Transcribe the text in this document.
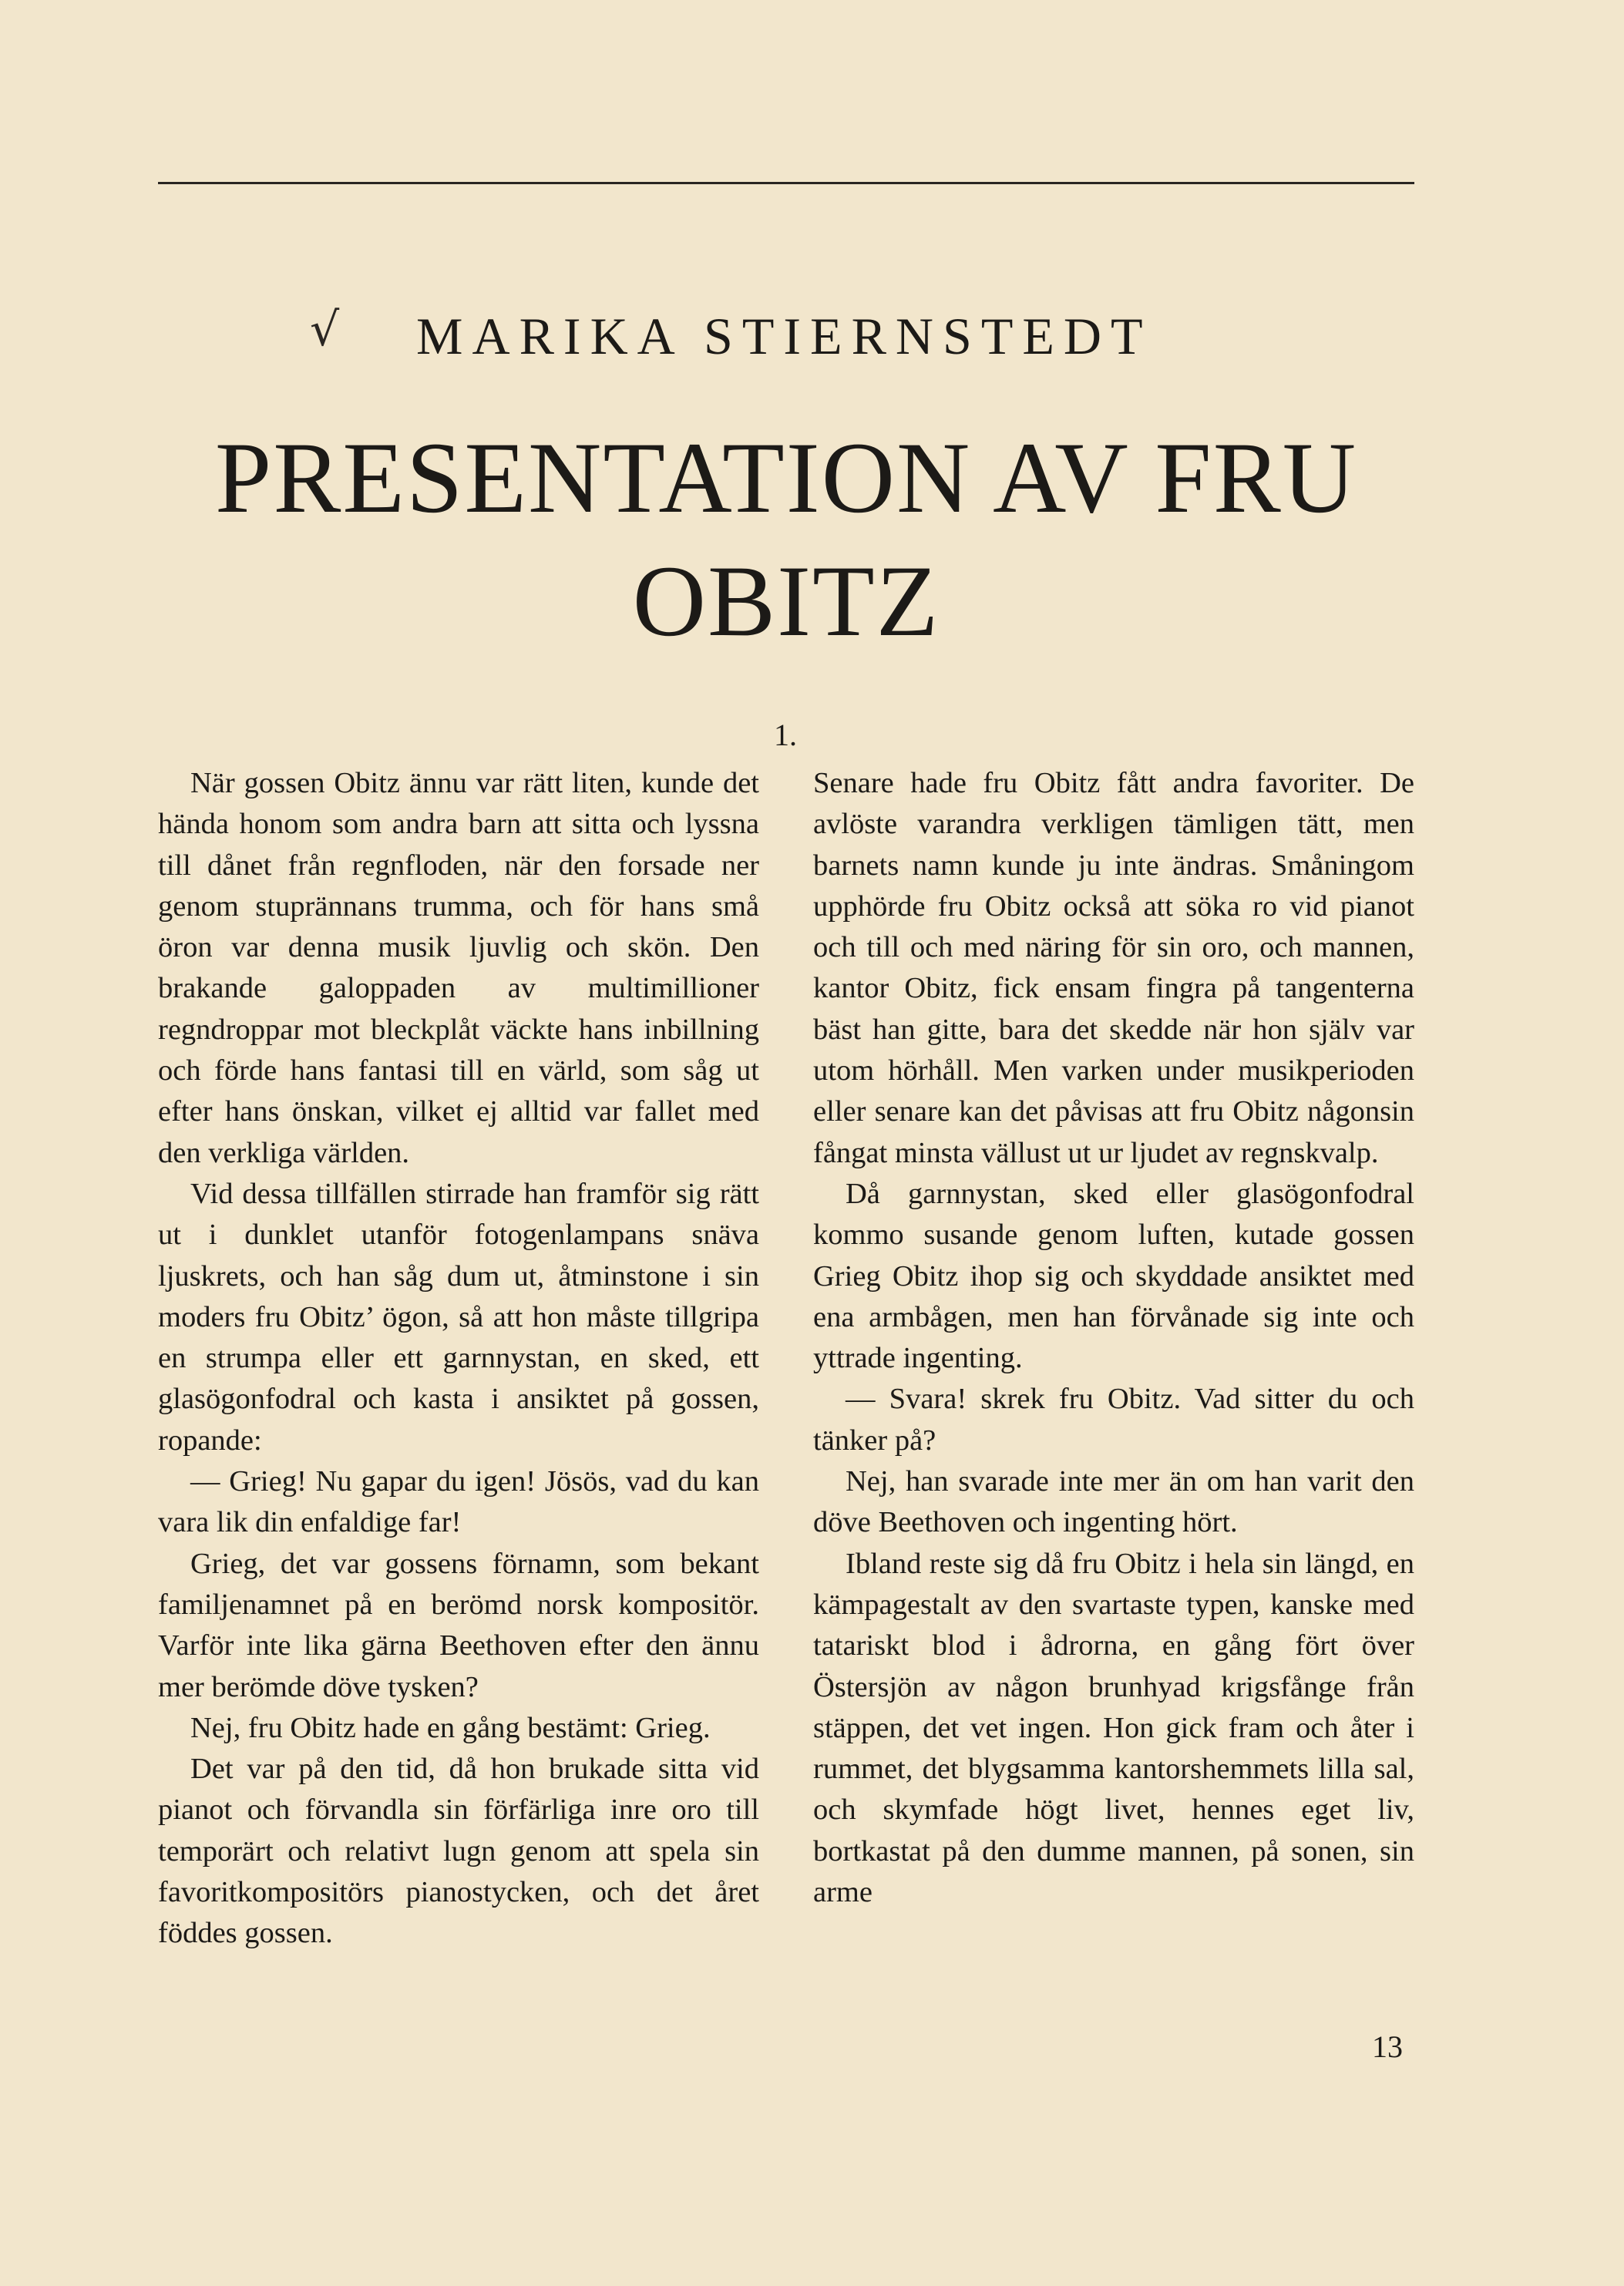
√ MARIKA STIERNSTEDT
PRESENTATION AV FRU
OBITZ
1.

När gossen Obitz ännu var rätt liten, kunde det hända honom som andra barn att sitta och lyssna till dånet från regnfloden, när den forsade ner genom stuprännans trumma, och för hans små öron var denna musik ljuvlig och skön. Den brakande galoppaden av multimillioner regndroppar mot bleckplåt väckte hans inbillning och förde hans fantasi till en värld, som såg ut efter hans önskan, vilket ej alltid var fallet med den verkliga världen.

Vid dessa tillfällen stirrade han framför sig rätt ut i dunklet utanför fotogenlampans snäva ljuskrets, och han såg dum ut, åtminstone i sin moders fru Obitz’ ögon, så att hon måste tillgripa en strumpa eller ett garnnystan, en sked, ett glasögonfodral och kasta i ansiktet på gossen, ropande:

— Grieg! Nu gapar du igen! Jösös, vad du kan vara lik din enfaldige far!

Grieg, det var gossens förnamn, som bekant familjenamnet på en berömd norsk kompositör. Varför inte lika gärna Beethoven efter den ännu mer berömde döve tysken?

Nej, fru Obitz hade en gång bestämt: Grieg.

Det var på den tid, då hon brukade sitta vid pianot och förvandla sin förfärliga inre oro till temporärt och relativt lugn genom att spela sin favoritkompositörs pianostycken, och det året föddes gossen.

Senare hade fru Obitz fått andra favoriter. De avlöste varandra verkligen tämligen tätt, men barnets namn kunde ju inte ändras. Småningom upphörde fru Obitz också att söka ro vid pianot och till och med näring för sin oro, och mannen, kantor Obitz, fick ensam fingra på tangenterna bäst han gitte, bara det skedde när hon själv var utom hörhåll. Men varken under musikperioden eller senare kan det påvisas att fru Obitz någonsin fångat minsta vällust ut ur ljudet av regnskvalp.

Då garnnystan, sked eller glasögonfodral kommo susande genom luften, kutade gossen Grieg Obitz ihop sig och skyddade ansiktet med ena armbågen, men han förvånade sig inte och yttrade ingenting.

— Svara! skrek fru Obitz. Vad sitter du och tänker på?

Nej, han svarade inte mer än om han varit den döve Beethoven och ingenting hört.

Ibland reste sig då fru Obitz i hela sin längd, en kämpagestalt av den svartaste typen, kanske med tatariskt blod i ådrorna, en gång fört över Östersjön av någon brunhyad krigsfånge från stäppen, det vet ingen. Hon gick fram och åter i rummet, det blygsamma kantorshemmets lilla sal, och skymfade högt livet, hennes eget liv, bortkastat på den dumme mannen, på sonen, sin arme

13
